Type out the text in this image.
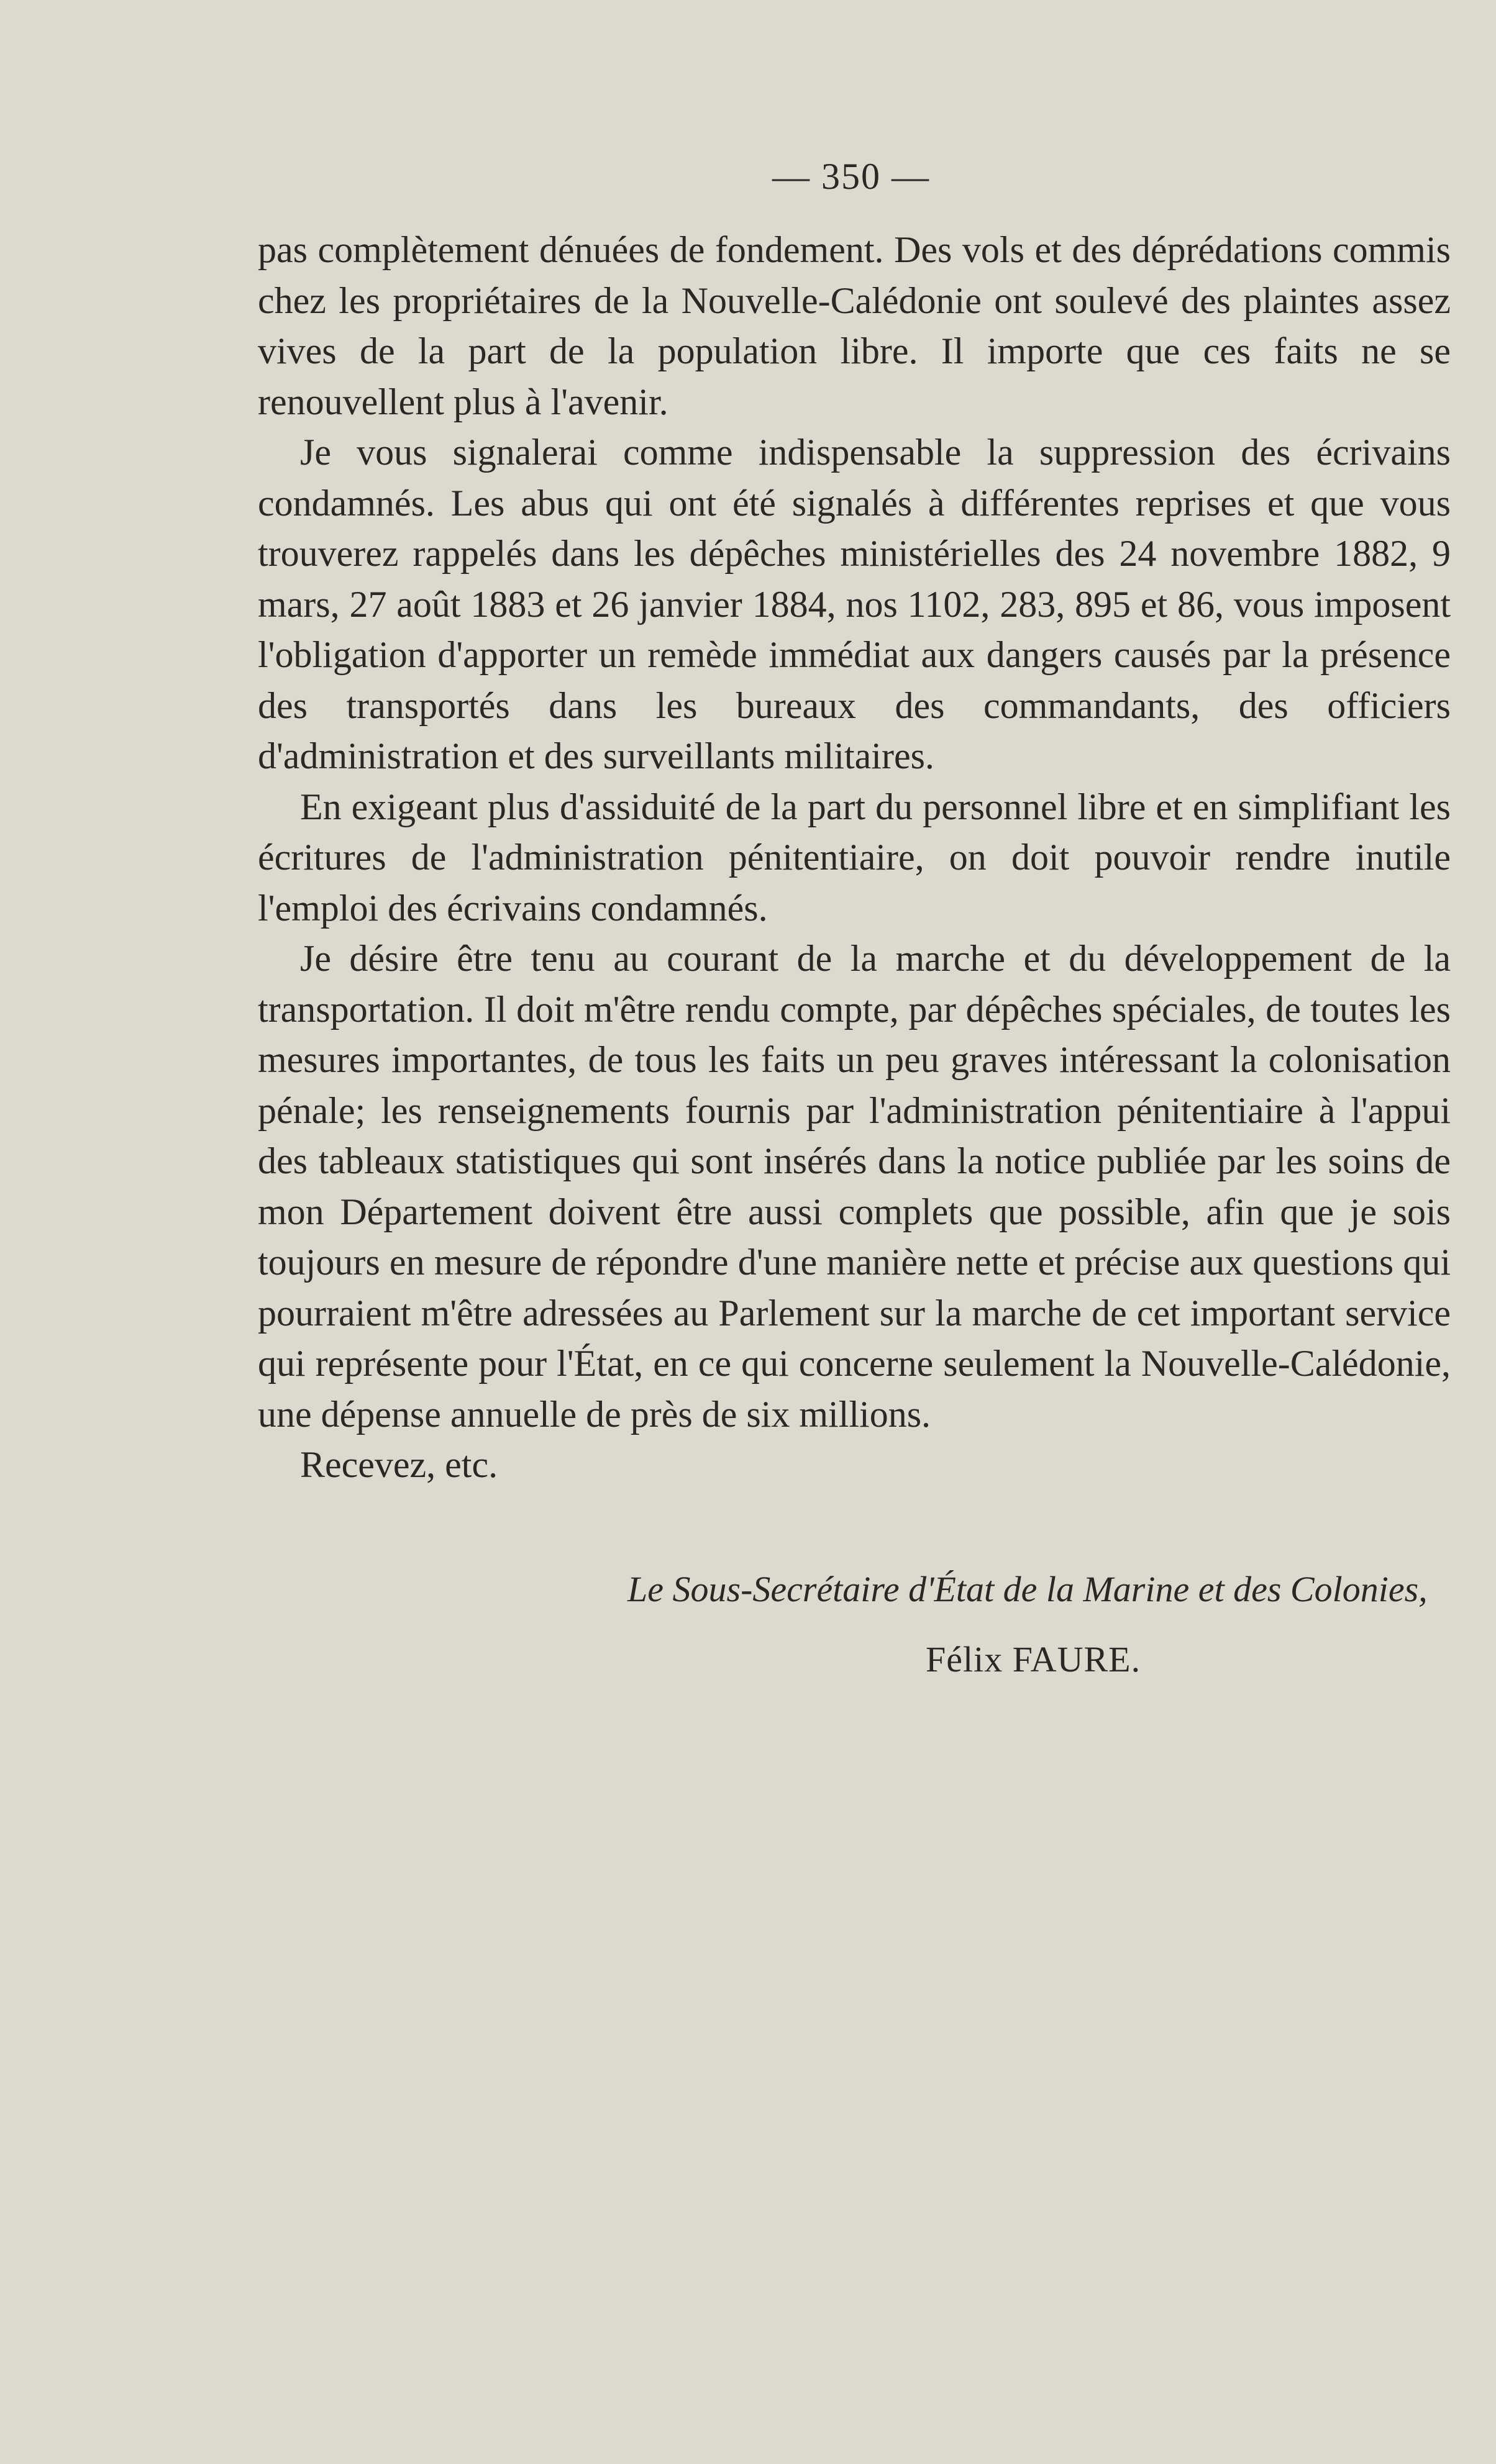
— 350 —

pas complètement dénuées de fondement. Des vols et des déprédations commis chez les propriétaires de la Nouvelle-Calédonie ont soulevé des plaintes assez vives de la part de la population libre. Il importe que ces faits ne se renouvellent plus à l'avenir.

Je vous signalerai comme indispensable la suppression des écrivains condamnés. Les abus qui ont été signalés à différentes reprises et que vous trouverez rappelés dans les dépêches ministérielles des 24 novembre 1882, 9 mars, 27 août 1883 et 26 janvier 1884, nos 1102, 283, 895 et 86, vous imposent l'obligation d'apporter un remède immédiat aux dangers causés par la présence des transportés dans les bureaux des commandants, des officiers d'administration et des surveillants militaires.

En exigeant plus d'assiduité de la part du personnel libre et en simplifiant les écritures de l'administration pénitentiaire, on doit pouvoir rendre inutile l'emploi des écrivains condamnés.

Je désire être tenu au courant de la marche et du développement de la transportation. Il doit m'être rendu compte, par dépêches spéciales, de toutes les mesures importantes, de tous les faits un peu graves intéressant la colonisation pénale; les renseignements fournis par l'administration pénitentiaire à l'appui des tableaux statistiques qui sont insérés dans la notice publiée par les soins de mon Département doivent être aussi complets que possible, afin que je sois toujours en mesure de répondre d'une manière nette et précise aux questions qui pourraient m'être adressées au Parlement sur la marche de cet important service qui représente pour l'État, en ce qui concerne seulement la Nouvelle-Calédonie, une dépense annuelle de près de six millions.

Recevez, etc.

Le Sous-Secrétaire d'État de la Marine et des Colonies,

Félix FAURE.
